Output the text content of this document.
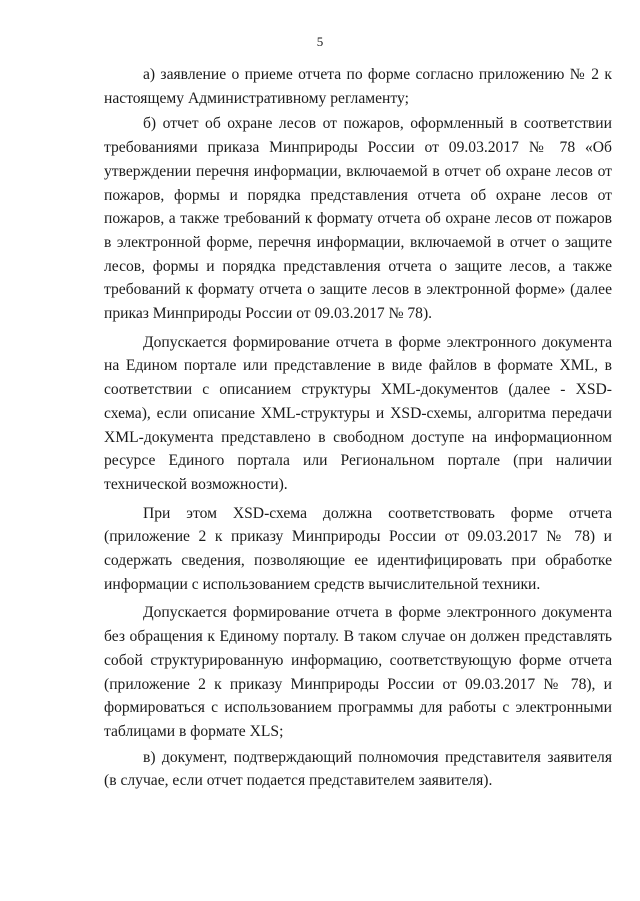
5

а) заявление о приеме отчета по форме согласно приложению № 2 к настоящему Административному регламенту;

б) отчет об охране лесов от пожаров, оформленный в соответствии требованиями приказа Минприроды России от 09.03.2017 № 78 «Об утверждении перечня информации, включаемой в отчет об охране лесов от пожаров, формы и порядка представления отчета об охране лесов от пожаров, а также требований к формату отчета об охране лесов от пожаров в электронной форме, перечня информации, включаемой в отчет о защите лесов, формы и порядка представления отчета о защите лесов, а также требований к формату отчета о защите лесов в электронной форме» (далее приказ Минприроды России от 09.03.2017 № 78).

Допускается формирование отчета в форме электронного документа на Едином портале или представление в виде файлов в формате XML, в соответствии с описанием структуры XML-документов (далее - XSD-схема), если описание XML-структуры и XSD-схемы, алгоритма передачи XML-документа представлено в свободном доступе на информационном ресурсе Единого портала или Региональном портале (при наличии технической возможности).

При этом XSD-схема должна соответствовать форме отчета (приложение 2 к приказу Минприроды России от 09.03.2017 № 78) и содержать сведения, позволяющие ее идентифицировать при обработке информации с использованием средств вычислительной техники.

Допускается формирование отчета в форме электронного документа без обращения к Единому порталу. В таком случае он должен представлять собой структурированную информацию, соответствующую форме отчета (приложение 2 к приказу Минприроды России от 09.03.2017 № 78), и формироваться с использованием программы для работы с электронными таблицами в формате XLS;

в) документ, подтверждающий полномочия представителя заявителя (в случае, если отчет подается представителем заявителя).
